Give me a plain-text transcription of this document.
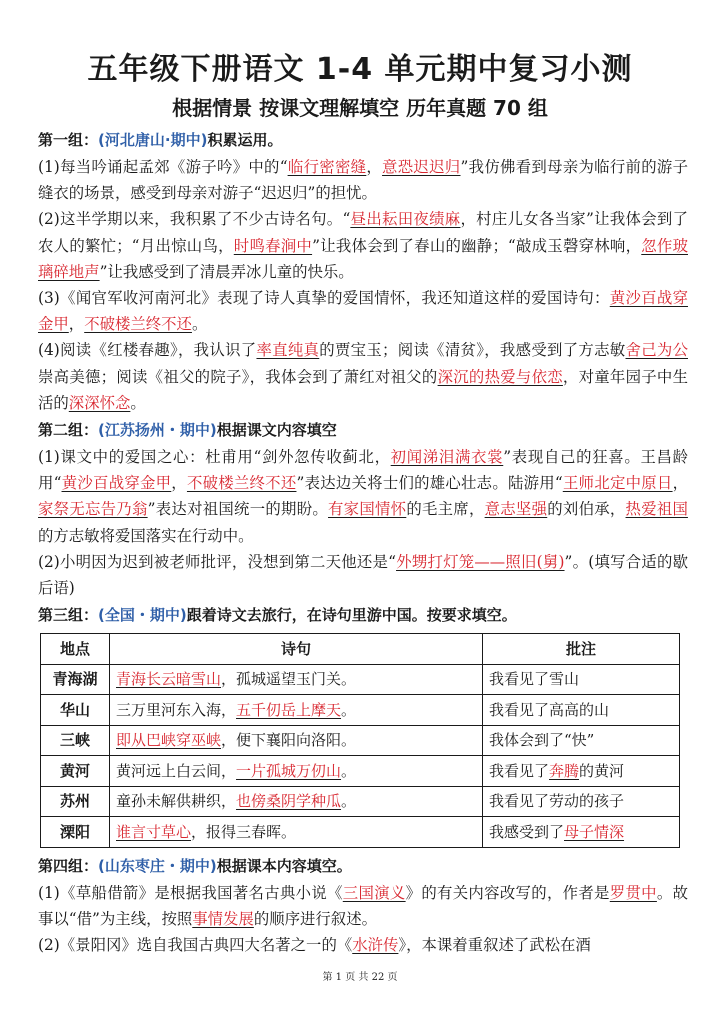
五年级下册语文 1-4 单元期中复习小测
根据情景 按课文理解填空 历年真题 70 组
第一组：(河北唐山·期中)积累运用。

(1)每当吟诵起孟郊《游子吟》中的“临行密密缝，意恐迟迟归”我仿佛看到母亲为临行前的游子缝衣的场景，感受到母亲对游子“迟迟归”的担忧。

(2)这半学期以来，我积累了不少古诗名句。“昼出耘田夜绩麻，村庄儿女各当家”让我体会到了农人的繁忙；“月出惊山鸟，时鸣春涧中”让我体会到了春山的幽静；“敲成玉磬穿林响，忽作玻璃碎地声”让我感受到了清晨弄冰儿童的快乐。

(3)《闻官军收河南河北》表现了诗人真挚的爱国情怀，我还知道这样的爱国诗句：黄沙百战穿金甲，不破楼兰终不还。

(4)阅读《红楼春趣》，我认识了率直纯真的贾宝玉；阅读《清贫》，我感受到了方志敏舍己为公崇高美德；阅读《祖父的院子》，我体会到了萧红对祖父的深沉的热爱与依恋，对童年园子中生活的深深怀念。

第二组：(江苏扬州・期中)根据课文内容填空

(1)课文中的爱国之心：杜甫用“剑外忽传收蓟北，初闻涕泪满衣裳”表现自己的狂喜。王昌龄用“黄沙百战穿金甲，不破楼兰终不还”表达边关将士们的雄心壮志。陆游用“王师北定中原日，家祭无忘告乃翁”表达对祖国统一的期盼。有家国情怀的毛主席，意志坚强的刘伯承，热爱祖国的方志敏将爱国落实在行动中。

(2)小明因为迟到被老师批评，没想到第二天他还是“外甥打灯笼——照旧(舅)”。(填写合适的歇后语)

第三组：(全国・期中)跟着诗文去旅行，在诗句里游中国。按要求填空。
地点	诗句	批注
青海湖	青海长云暗雪山，孤城遥望玉门关。	我看见了雪山
华山	三万里河东入海，五千仞岳上摩天。	我看见了高高的山
三峡	即从巴峡穿巫峡，便下襄阳向洛阳。	我体会到了“快”
黄河	黄河远上白云间，一片孤城万仞山。	我看见了奔腾的黄河
苏州	童孙未解供耕织，也傍桑阴学种瓜。	我看见了劳动的孩子
溧阳	谁言寸草心，报得三春晖。	我感受到了母子情深
第四组：(山东枣庄・期中)根据课本内容填空。

(1)《草船借箭》是根据我国著名古典小说《三国演义》的有关内容改写的，作者是罗贯中。故事以“借”为主线，按照事情发展的顺序进行叙述。

(2)《景阳冈》选自我国古典四大名著之一的《水浒传》，本课着重叙述了武松在酒

第 1 页 共 22 页
